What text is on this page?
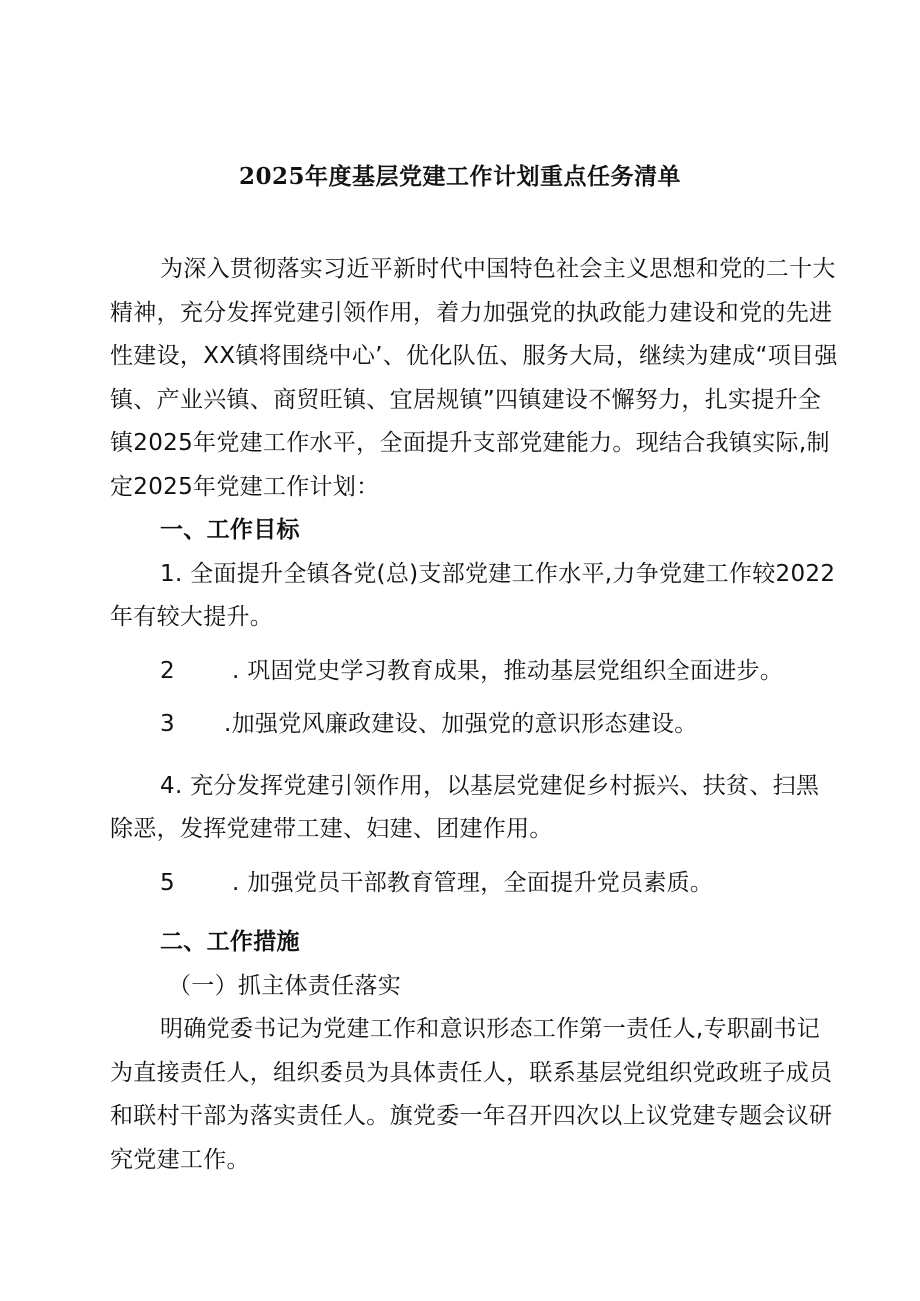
2025年度基层党建工作计划重点任务清单

为深入贯彻落实习近平新时代中国特色社会主义思想和党的二十大精神，充分发挥党建引领作用，着力加强党的执政能力建设和党的先进性建设，XX镇将围绕中心’、优化队伍、服务大局，继续为建成“项目强镇、产业兴镇、商贸旺镇、宜居规镇”四镇建设不懈努力，扎实提升全镇2025年党建工作水平，全面提升支部党建能力。现结合我镇实际,制定2025年党建工作计划：

一、工作目标

1. 全面提升全镇各党(总)支部党建工作水平,力争党建工作较2022年有较大提升。

2 . 巩固党史学习教育成果，推动基层党组织全面进步。

3 .加强党风廉政建设、加强党的意识形态建设。

4. 充分发挥党建引领作用，以基层党建促乡村振兴、扶贫、扫黑除恶，发挥党建带工建、妇建、团建作用。

5 . 加强党员干部教育管理，全面提升党员素质。

二、工作措施

（一）抓主体责任落实

明确党委书记为党建工作和意识形态工作第一责任人,专职副书记为直接责任人，组织委员为具体责任人，联系基层党组织党政班子成员和联村干部为落实责任人。旗党委一年召开四次以上议党建专题会议研究党建工作。
